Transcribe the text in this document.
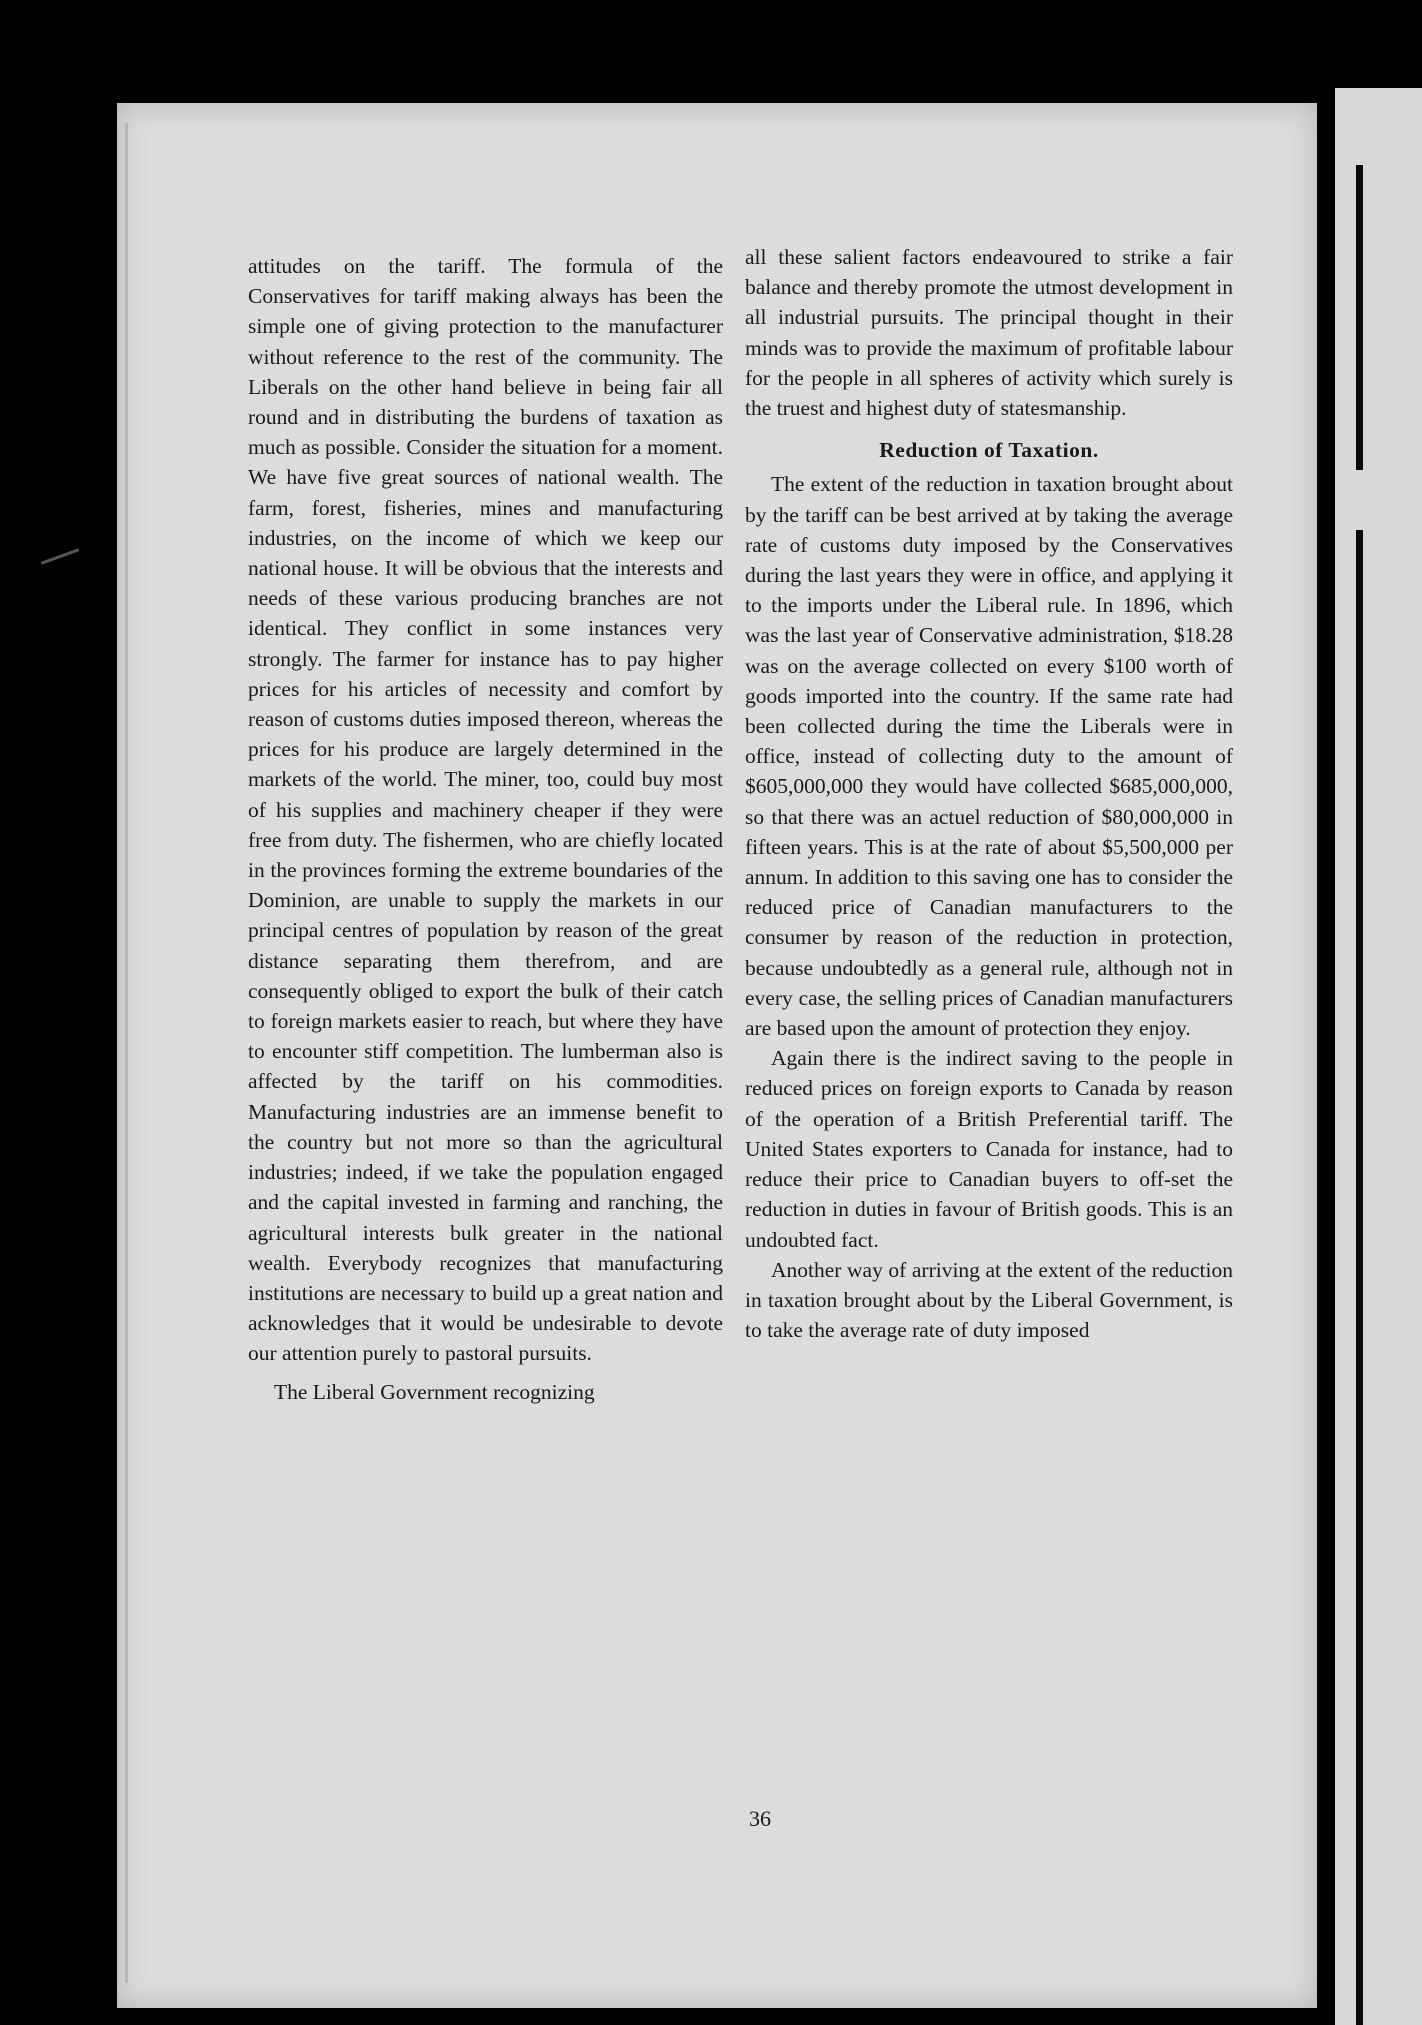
attitudes on the tariff. The formula of the Conservatives for tariff making always has been the simple one of giving protection to the manufacturer without reference to the rest of the community. The Liberals on the other hand believe in being fair all round and in distributing the burdens of taxation as much as possible. Consider the situation for a moment. We have five great sources of national wealth. The farm, forest, fisheries, mines and manufacturing industries, on the income of which we keep our national house. It will be obvious that the interests and needs of these various producing branches are not identical. They conflict in some instances very strongly. The farmer for instance has to pay higher prices for his articles of necessity and comfort by reason of customs duties imposed thereon, whereas the prices for his produce are largely determined in the markets of the world. The miner, too, could buy most of his supplies and machinery cheaper if they were free from duty. The fishermen, who are chiefly located in the provinces forming the extreme boundaries of the Dominion, are unable to supply the markets in our principal centres of population by reason of the great distance separating them therefrom, and are consequently obliged to export the bulk of their catch to foreign markets easier to reach, but where they have to encounter stiff competition. The lumberman also is affected by the tariff on his commodities. Manufacturing industries are an immense benefit to the country but not more so than the agricultural industries; indeed, if we take the population engaged and the capital invested in farming and ranching, the agricultural interests bulk greater in the national wealth. Everybody recognizes that manufacturing institutions are necessary to build up a great nation and acknowledges that it would be undesirable to devote our attention purely to pastoral pursuits.

The Liberal Government recognizing

all these salient factors endeavoured to strike a fair balance and thereby promote the utmost development in all industrial pursuits. The principal thought in their minds was to provide the maximum of profitable labour for the people in all spheres of activity which surely is the truest and highest duty of statesmanship.

Reduction of Taxation.

The extent of the reduction in taxation brought about by the tariff can be best arrived at by taking the average rate of customs duty imposed by the Conservatives during the last years they were in office, and applying it to the imports under the Liberal rule. In 1896, which was the last year of Conservative administration, $18.28 was on the average collected on every $100 worth of goods imported into the country. If the same rate had been collected during the time the Liberals were in office, instead of collecting duty to the amount of $605,000,000 they would have collected $685,000,000, so that there was an actuel reduction of $80,000,000 in fifteen years. This is at the rate of about $5,500,000 per annum. In addition to this saving one has to consider the reduced price of Canadian manufacturers to the consumer by reason of the reduction in protection, because undoubtedly as a general rule, although not in every case, the selling prices of Canadian manufacturers are based upon the amount of protection they enjoy.

Again there is the indirect saving to the people in reduced prices on foreign exports to Canada by reason of the operation of a British Preferential tariff. The United States exporters to Canada for instance, had to reduce their price to Canadian buyers to off-set the reduction in duties in favour of British goods. This is an undoubted fact.

Another way of arriving at the extent of the reduction in taxation brought about by the Liberal Government, is to take the average rate of duty imposed

36
